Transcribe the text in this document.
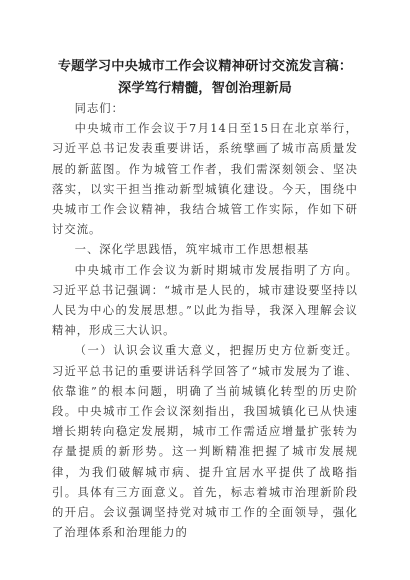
专题学习中央城市工作会议精神研讨交流发言稿：深学笃行精髓，智创治理新局

同志们：

中央城市工作会议于7月14日至15日在北京举行，习近平总书记发表重要讲话，系统擘画了城市高质量发展的新蓝图。作为城管工作者，我们需深刻领会、坚决落实，以实干担当推动新型城镇化建设。今天，围绕中央城市工作会议精神，我结合城管工作实际，作如下研讨交流。

一、深化学思践悟，筑牢城市工作思想根基

中央城市工作会议为新时期城市发展指明了方向。习近平总书记强调：“城市是人民的，城市建设要坚持以人民为中心的发展思想。”以此为指导，我深入理解会议精神，形成三大认识。

（一）认识会议重大意义，把握历史方位新变迁。习近平总书记的重要讲话科学回答了“城市发展为了谁、依靠谁”的根本问题，明确了当前城镇化转型的历史阶段。中央城市工作会议深刻指出，我国城镇化已从快速增长期转向稳定发展期，城市工作需适应增量扩张转为存量提质的新形势。这一判断精准把握了城市发展规律，为我们破解城市病、提升宜居水平提供了战略指引。具体有三方面意义。首先，标志着城市治理新阶段的开启。会议强调坚持党对城市工作的全面领导，强化了治理体系和治理能力的
